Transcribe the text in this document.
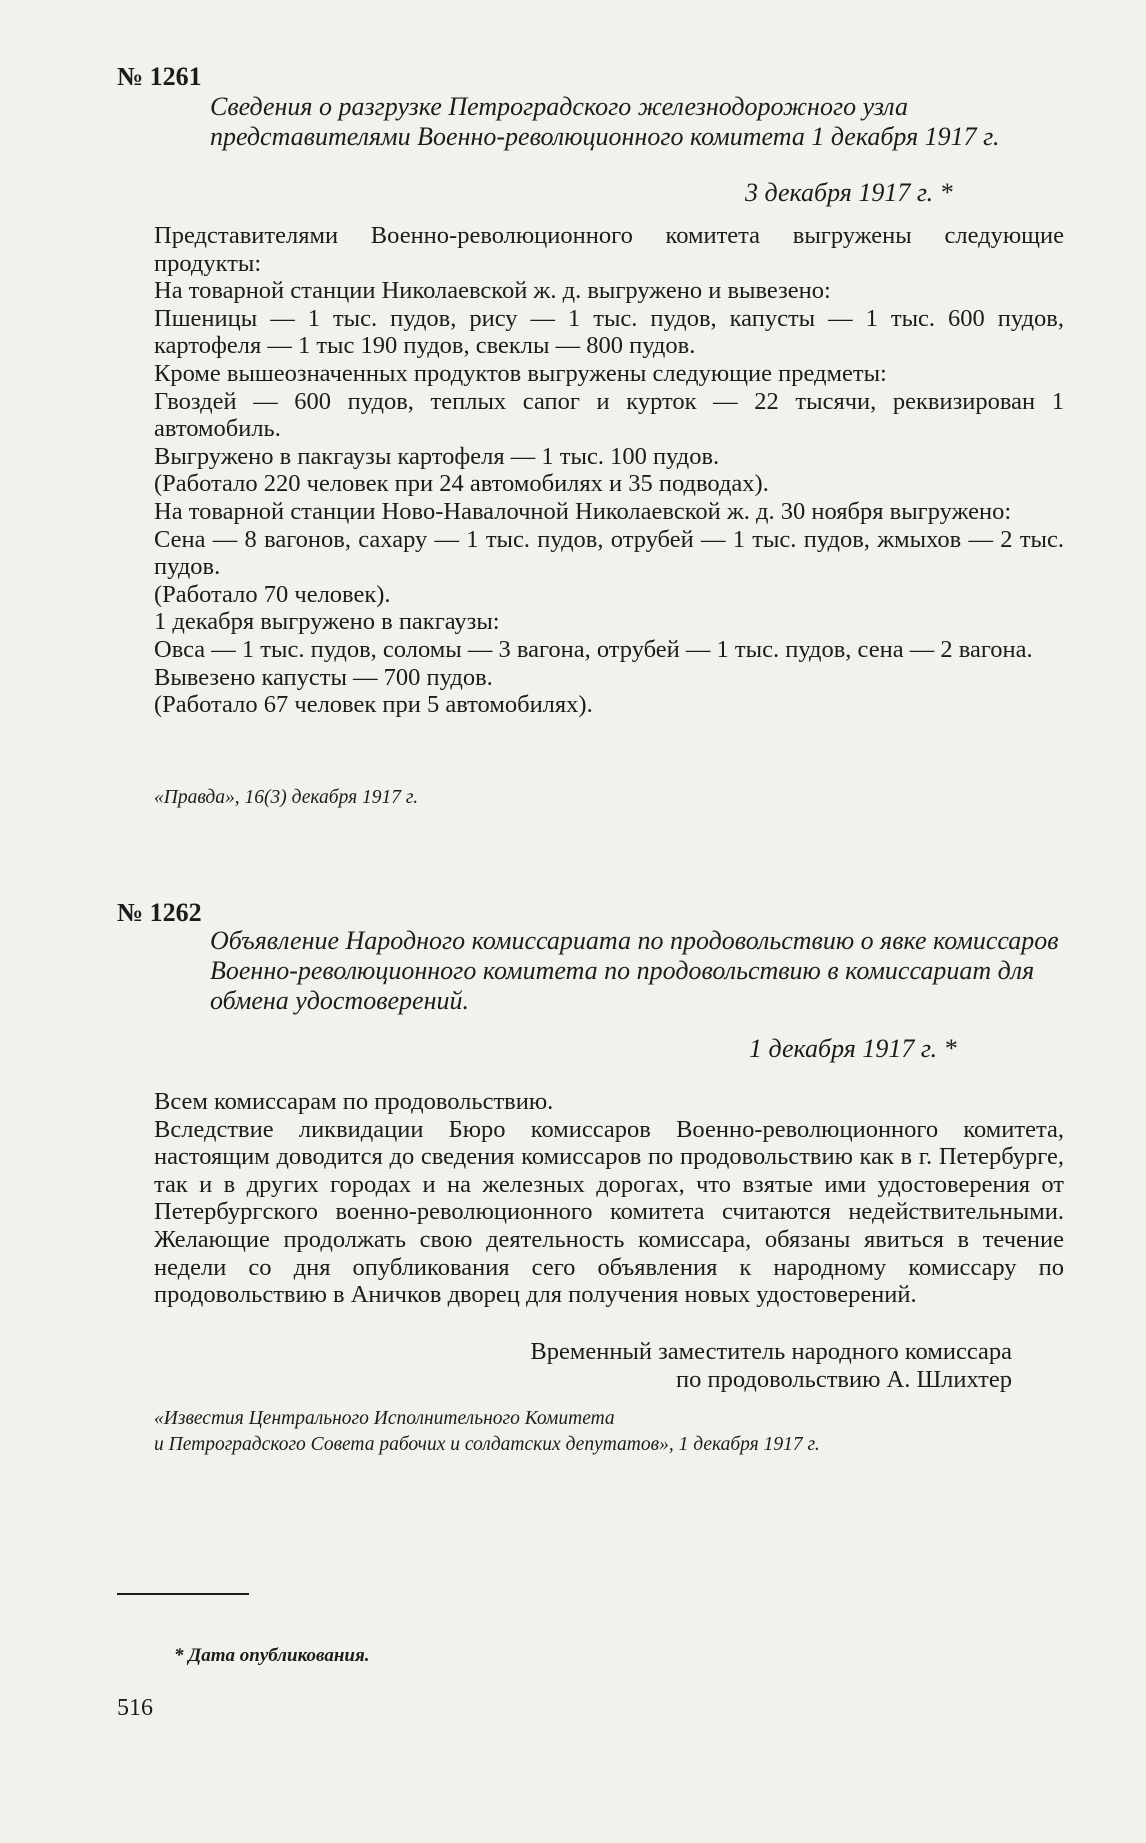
№ 1261
Сведения о разгрузке Петроградского железнодорожного узла представителями Военно-революционного комитета 1 декабря 1917 г.
3 декабря 1917 г. *

Представителями Военно-революционного комитета выгружены следующие продукты:

На товарной станции Николаевской ж. д. выгружено и вывезено:

Пшеницы — 1 тыс. пудов, рису — 1 тыс. пудов, капусты — 1 тыс. 600 пудов, картофеля — 1 тыс 190 пудов, свеклы — 800 пудов.

Кроме вышеозначенных продуктов выгружены следующие предметы:

Гвоздей — 600 пудов, теплых сапог и курток — 22 тысячи, реквизирован 1 автомобиль.

Выгружено в пакгаузы картофеля — 1 тыс. 100 пудов.

(Работало 220 человек при 24 автомобилях и 35 подводах).

На товарной станции Ново-Навалочной Николаевской ж. д. 30 ноября выгружено:

Сена — 8 вагонов, сахару — 1 тыс. пудов, отрубей — 1 тыс. пудов, жмыхов — 2 тыс. пудов.

(Работало 70 человек).

1 декабря выгружено в пакгаузы:

Овса — 1 тыс. пудов, соломы — 3 вагона, отрубей — 1 тыс. пудов, сена — 2 вагона.

Вывезено капусты — 700 пудов.

(Работало 67 человек при 5 автомобилях).

«Правда», 16(3) декабря 1917 г.
№ 1262
Объявление Народного комиссариата по продовольствию о явке комиссаров Военно-революционного комитета по продовольствию в комиссариат для обмена удостоверений.
1 декабря 1917 г. *

Всем комиссарам по продовольствию.

Вследствие ликвидации Бюро комиссаров Военно-революционного комитета, настоящим доводится до сведения комиссаров по продовольствию как в г. Петербурге, так и в других городах и на железных дорогах, что взятые ими удостоверения от Петербургского военно-революционного комитета считаются недействительными. Желающие продолжать свою деятельность комиссара, обязаны явиться в течение недели со дня опубликования сего объявления к народному комиссару по продовольствию в Аничков дворец для получения новых удостоверений.

Временный заместитель народного комиссара
по продовольствию А. Шлихтер
«Известия Центрального Исполнительного Комитета
и Петроградского Совета рабочих и солдатских депутатов», 1 декабря 1917 г.
* Дата опубликования.
516
